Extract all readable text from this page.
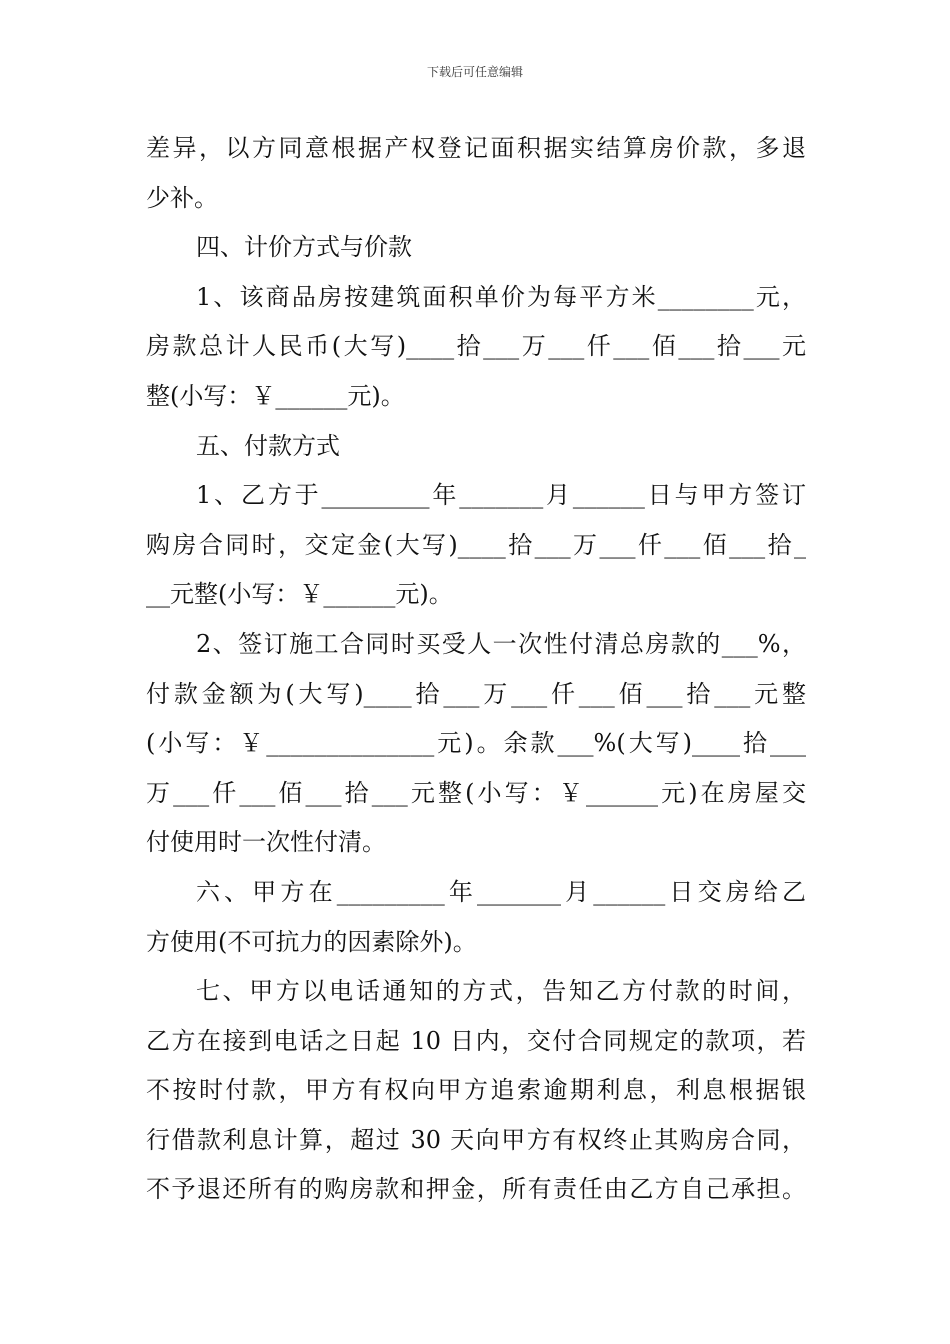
下载后可任意编辑
差异，以方同意根据产权登记面积据实结算房价款，多退
少补。
四、计价方式与价款
1、该商品房按建筑面积单价为每平方米________元，
房款总计人民币(大写)____拾___万___仟___佰___拾___元
整(小写：￥______元)。
五、付款方式
1、乙方于_________年_______月______日与甲方签订
购房合同时，交定金(大写)____拾___万___仟___佰___拾_
__元整(小写：￥______元)。
2、签订施工合同时买受人一次性付清总房款的___%，
付款金额为(大写)____拾___万___仟___佰___拾___元整
(小写：￥______________元)。余款___%(大写)____拾___
万___仟___佰___拾___元整(小写：￥______元)在房屋交
付使用时一次性付清。
六、甲方在_________年_______月______日交房给乙
方使用(不可抗力的因素除外)。
七、甲方以电话通知的方式，告知乙方付款的时间，
乙方在接到电话之日起 10 日内，交付合同规定的款项，若
不按时付款，甲方有权向甲方追索逾期利息，利息根据银
行借款利息计算，超过 30 天向甲方有权终止其购房合同，
不予退还所有的购房款和押金，所有责任由乙方自己承担。
